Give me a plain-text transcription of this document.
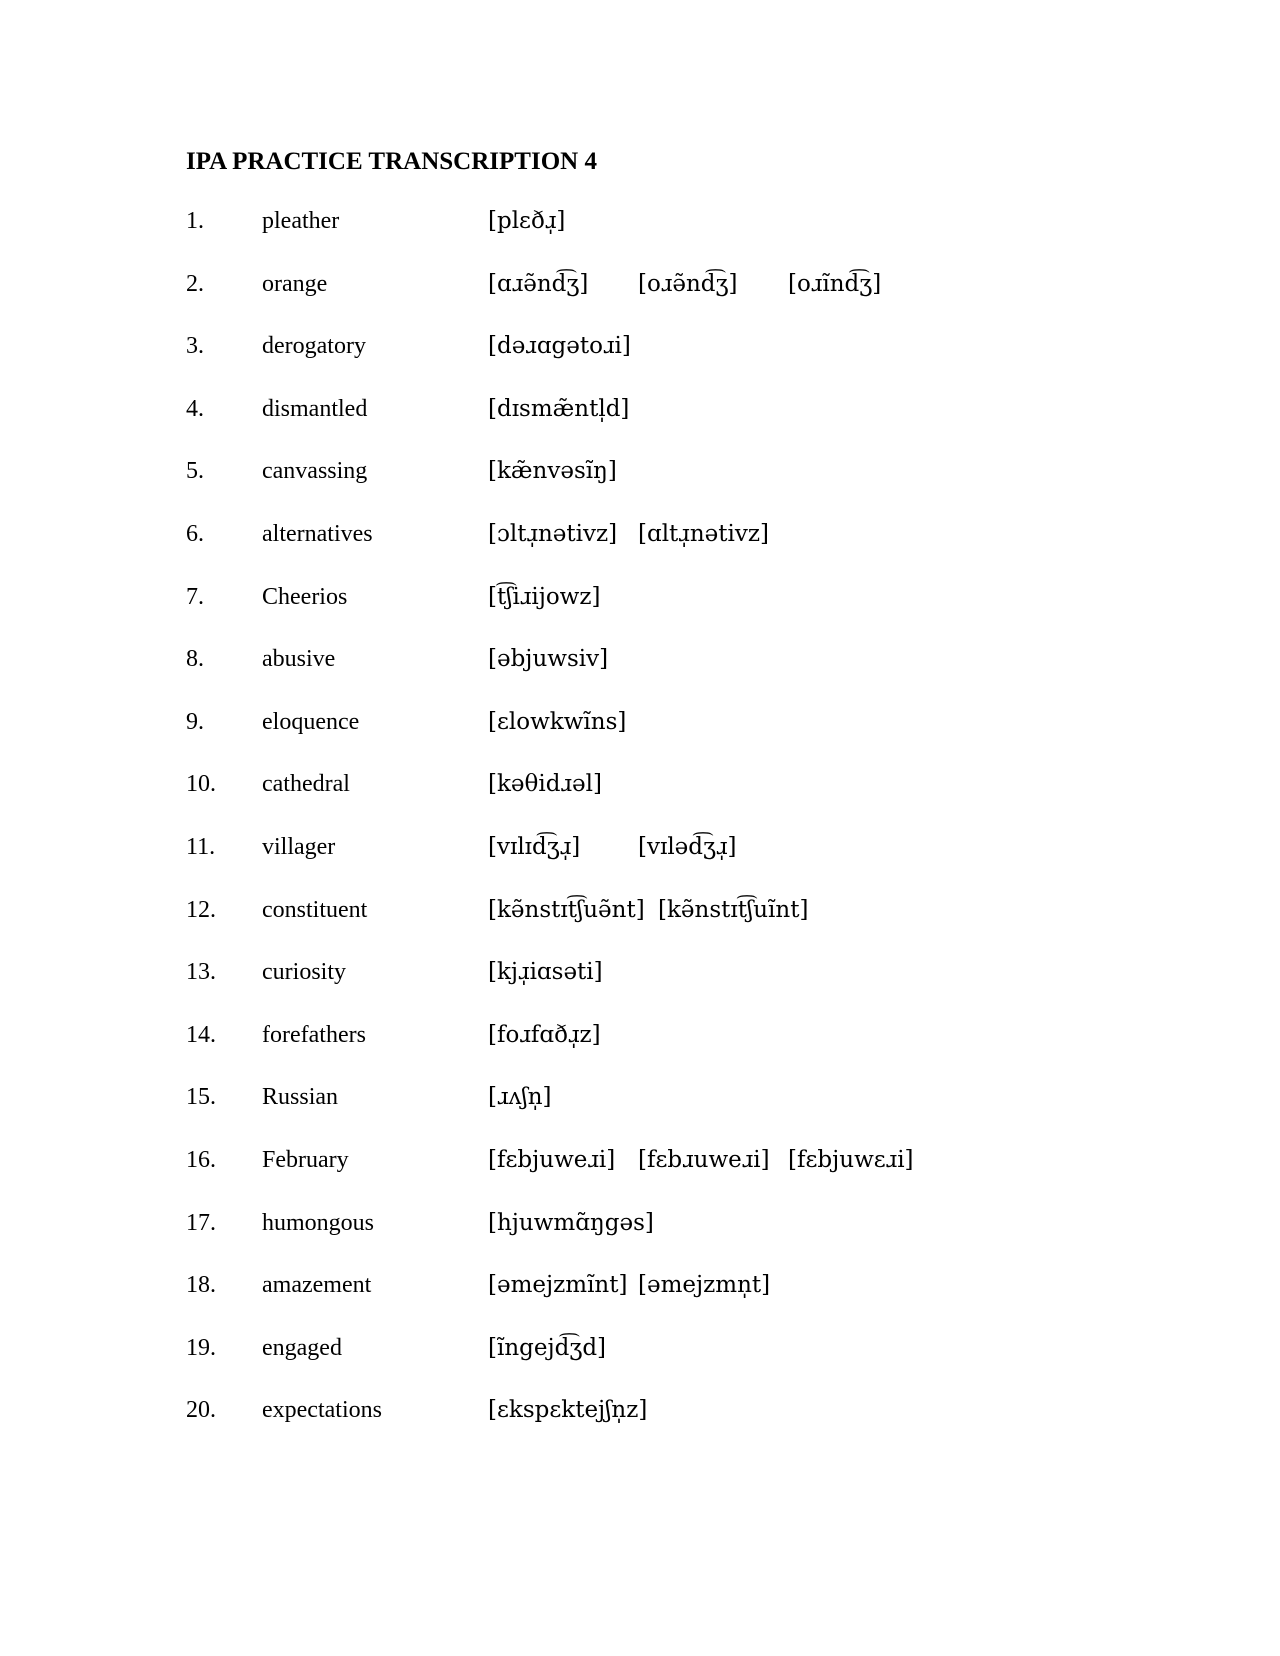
IPA PRACTICE TRANSCRIPTION 4
1. pleather	[plɛðɹ̩]
2. orange	[ɑɹə̃nd͡ʒ] [oɹə̃nd͡ʒ] [oɹĩnd͡ʒ]
3. derogatory	[dəɹɑgətoɹi]
4. dismantled	[dɪsmæ̃ntl̩d]
5. canvassing	[kæ̃nvəsĩŋ]
6. alternatives	[ɔltɹ̩nətivz] [ɑltɹ̩nətivz]
7. Cheerios	[t͡ʃiɹijowz]
8. abusive	[əbjuwsiv]
9. eloquence	[ɛlowkwĩns]
10. cathedral	[kəθidɹəl]
11. villager	[vɪlɪd͡ʒɹ̩]	[vɪləd͡ʒɹ̩]
12. constituent	[kə̃nstɪt͡ʃuə̃nt] [kə̃nstɪt͡ʃuĩnt]
13. curiosity	[kjɹ̩iɑsəti]
14. forefathers	[foɹfɑðɹ̩z]
15. Russian	[ɹʌʃn̩]
16. February	[fɛbjuweɹi] [fɛbɹuweɹi] [fɛbjuwɛɹi]
17. humongous	[hjuwmɑ̃ŋgəs]
18. amazement	[əmejzmĩnt] [əmejzmn̩t]
19. engaged	[ĩngejd͡ʒd]
20. expectations	[ɛkspɛktejʃn̩z]
